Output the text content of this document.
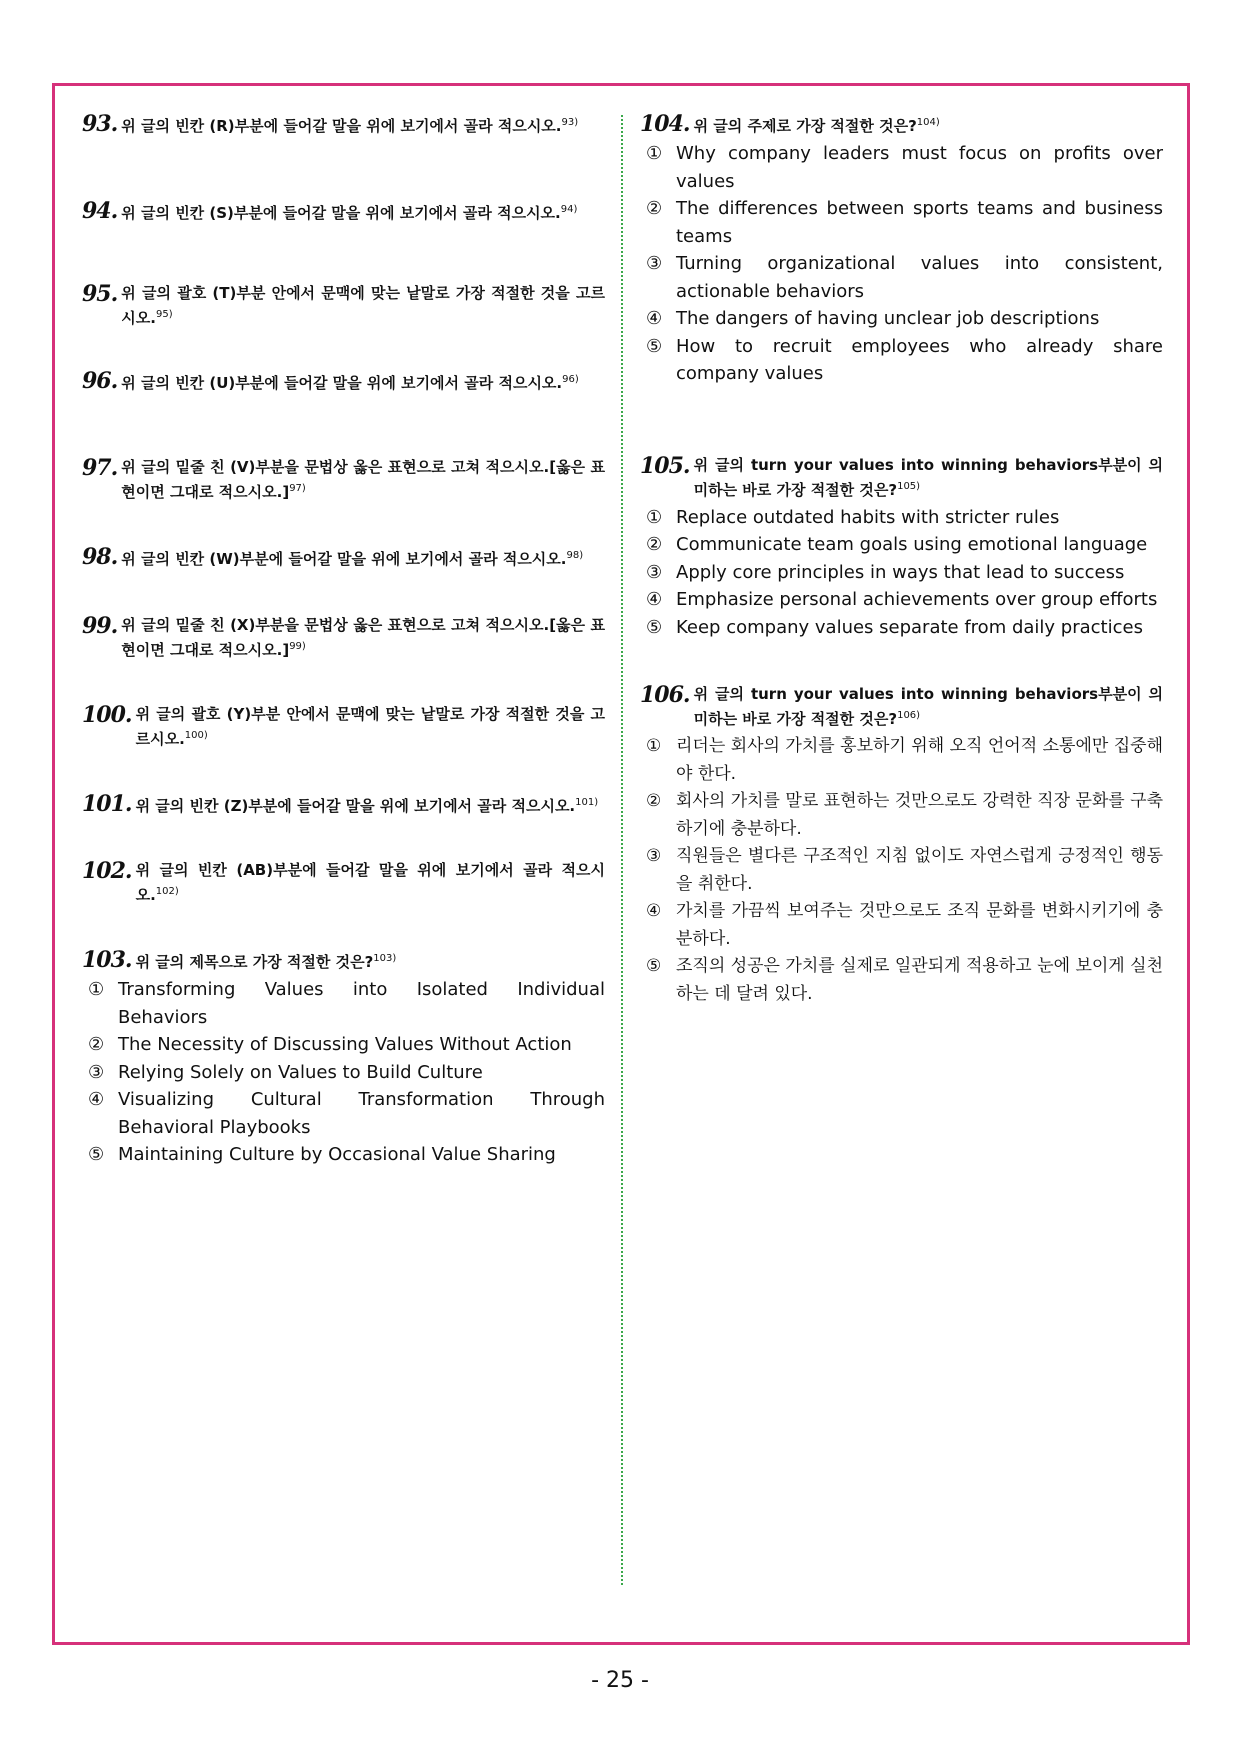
93. 위 글의 빈칸 (R)부분에 들어갈 말을 위에 보기에서 골라 적으시오.$^{93)}$
94. 위 글의 빈칸 (S)부분에 들어갈 말을 위에 보기에서 골라 적으시오.$^{94)}$
95. 위 글의 괄호 (T)부분 안에서 문맥에 맞는 낱말로 가장 적절한 것을 고르시오.$^{95)}$
96. 위 글의 빈칸 (U)부분에 들어갈 말을 위에 보기에서 골라 적으시오.$^{96)}$
97. 위 글의 밑줄 친 (V)부분을 문법상 옳은 표현으로 고쳐 적으시오.[옳은 표현이면 그대로 적으시오.]$^{97)}$
98. 위 글의 빈칸 (W)부분에 들어갈 말을 위에 보기에서 골라 적으시오.$^{98)}$
99. 위 글의 밑줄 친 (X)부분을 문법상 옳은 표현으로 고쳐 적으시오.[옳은 표현이면 그대로 적으시오.]$^{99)}$
100. 위 글의 괄호 (Y)부분 안에서 문맥에 맞는 낱말로 가장 적절한 것을 고르시오.$^{100)}$
101. 위 글의 빈칸 (Z)부분에 들어갈 말을 위에 보기에서 골라 적으시오.$^{101)}$
102. 위 글의 빈칸 (AB)부분에 들어갈 말을 위에 보기에서 골라 적으시오.$^{102)}$
103. 위 글의 제목으로 가장 적절한 것은?$^{103)}$
① Transforming Values into Isolated Individual Behaviors
② The Necessity of Discussing Values Without Action
③ Relying Solely on Values to Build Culture
④ Visualizing Cultural Transformation Through Behavioral Playbooks
⑤ Maintaining Culture by Occasional Value Sharing
104. 위 글의 주제로 가장 적절한 것은?$^{104)}$
① Why company leaders must focus on profits over values
② The differences between sports teams and business teams
③ Turning organizational values into consistent, actionable behaviors
④ The dangers of having unclear job descriptions
⑤ How to recruit employees who already share company values
105. 위 글의 turn your values into winning behaviors부분이 의미하는 바로 가장 적절한 것은?$^{105)}$
① Replace outdated habits with stricter rules
② Communicate team goals using emotional language
③ Apply core principles in ways that lead to success
④ Emphasize personal achievements over group efforts
⑤ Keep company values separate from daily practices
106. 위 글의 turn your values into winning behaviors부분이 의미하는 바로 가장 적절한 것은?$^{106)}$
① 리더는 회사의 가치를 홍보하기 위해 오직 언어적 소통에만 집중해야 한다.
② 회사의 가치를 말로 표현하는 것만으로도 강력한 직장 문화를 구축하기에 충분하다.
③ 직원들은 별다른 구조적인 지침 없이도 자연스럽게 긍정적인 행동을 취한다.
④ 가치를 가끔씩 보여주는 것만으로도 조직 문화를 변화시키기에 충분하다.
⑤ 조직의 성공은 가치를 실제로 일관되게 적용하고 눈에 보이게 실천하는 데 달려 있다.
- 25 -
